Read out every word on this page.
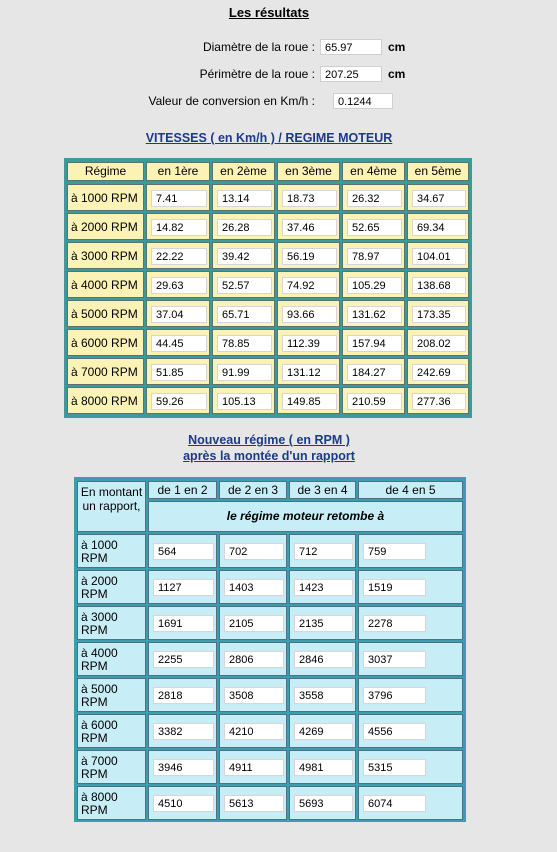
Les résultats
Diamètre de la roue : 65.97	cm
Périmètre de la roue : 207.25	cm
Valeur de conversion en Km/h :	0.1244
VITESSES ( en Km/h ) / REGIME MOTEUR
Régime	en 1ère	en 2ème	en 3ème	en 4ème	en 5ème
à 1000 RPM	7.41	13.14	18.73	26.32	34.67
à 2000 RPM	14.82	26.28	37.46	52.65	69.34
à 3000 RPM	22.22	39.42	56.19	78.97	104.01
à 4000 RPM	29.63	52.57	74.92	105.29	138.68
à 5000 RPM	37.04	65.71	93.66	131.62	173.35
à 6000 RPM	44.45	78.85	112.39	157.94	208.02
à 7000 RPM	51.85	91.99	131.12	184.27	242.69
à 8000 RPM	59.26	105.13	149.85	210.59	277.36
Nouveau régime ( en RPM )
après la montée d'un rapport
En montant un rapport,
de 1 en 2	de 2 en 3	de 3 en 4	de 4 en 5
le régime moteur retombe à
à 1000 RPM	564	702	712	759
à 2000 RPM	1127	1403	1423	1519
à 3000 RPM	1691	2105	2135	2278
à 4000 RPM	2255	2806	2846	3037
à 5000 RPM	2818	3508	3558	3796
à 6000 RPM	3382	4210	4269	4556
à 7000 RPM	3946	4911	4981	5315
à 8000 RPM	4510	5613	5693	6074
